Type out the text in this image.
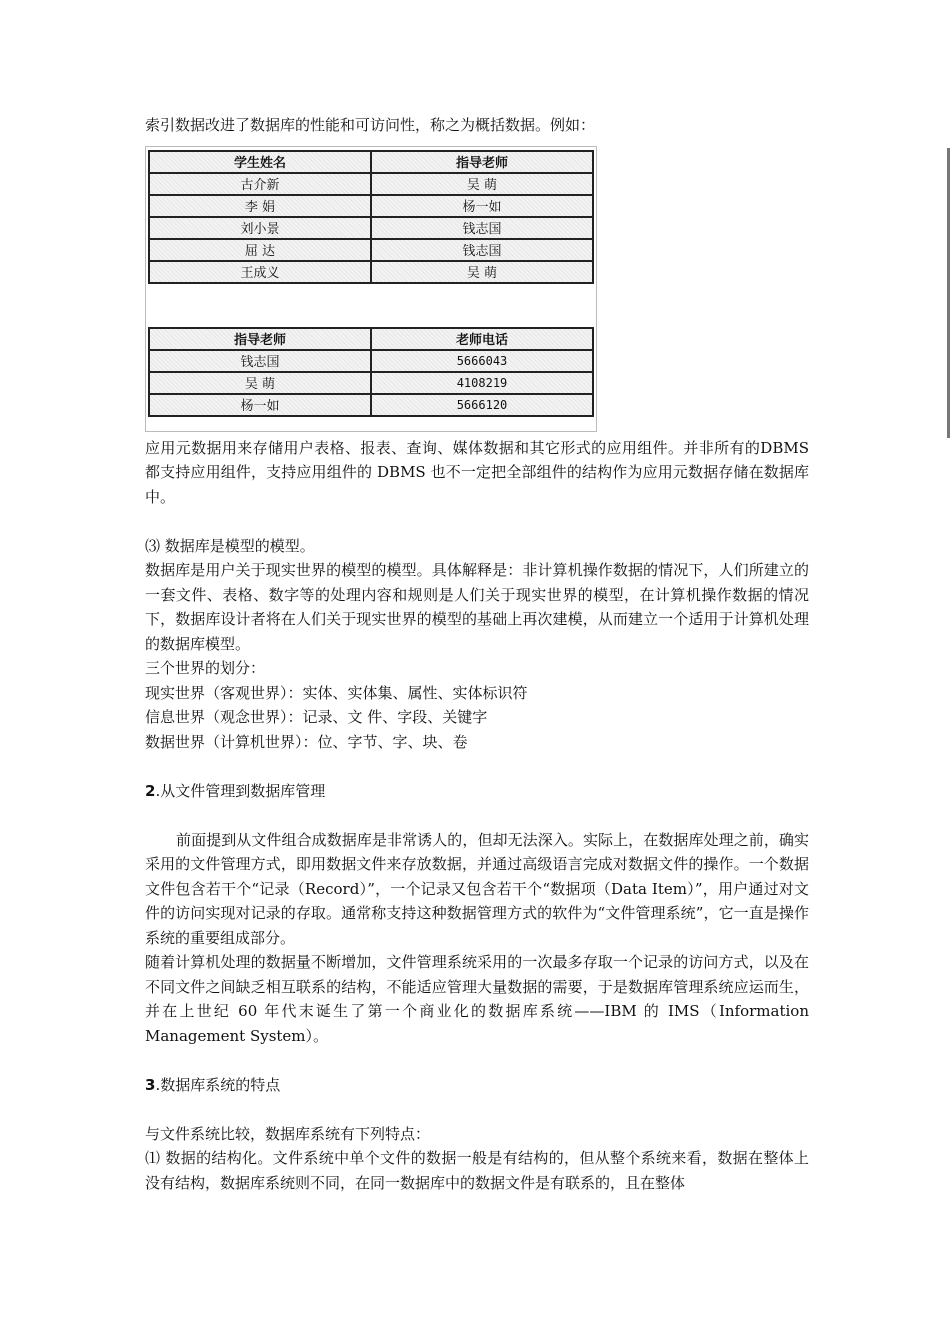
索引数据改进了数据库的性能和可访问性，称之为概括数据。例如：

学生姓名	指导老师
古介新	吴 萌
李 娟	杨一如
刘小景	钱志国
屈 达	钱志国
王成义	吴 萌
指导老师	老师电话
钱志国	5666043
吴 萌	4108219
杨一如	5666120

应用元数据用来存储用户表格、报表、查询、媒体数据和其它形式的应用组件。并非所有的DBMS 都支持应用组件，支持应用组件的 DBMS 也不一定把全部组件的结构作为应用元数据存储在数据库中。

⑶ 数据库是模型的模型。

数据库是用户关于现实世界的模型的模型。具体解释是：非计算机操作数据的情况下，人们所建立的一套文件、表格、数字等的处理内容和规则是人们关于现实世界的模型，在计算机操作数据的情况下，数据库设计者将在人们关于现实世界的模型的基础上再次建模，从而建立一个适用于计算机处理的数据库模型。

三个世界的划分：

现实世界（客观世界）：实体、实体集、属性、实体标识符

信息世界（观念世界）：记录、文 件、字段、关键字

数据世界（计算机世界）：位、字节、字、块、卷

2.从文件管理到数据库管理

前面提到从文件组合成数据库是非常诱人的，但却无法深入。实际上，在数据库处理之前，确实采用的文件管理方式，即用数据文件来存放数据，并通过高级语言完成对数据文件的操作。一个数据文件包含若干个“记录（Record）”，一个记录又包含若干个“数据项（Data Item）”，用户通过对文件的访问实现对记录的存取。通常称支持这种数据管理方式的软件为“文件管理系统”，它一直是操作系统的重要组成部分。

随着计算机处理的数据量不断增加，文件管理系统采用的一次最多存取一个记录的访问方式，以及在不同文件之间缺乏相互联系的结构，不能适应管理大量数据的需要，于是数据库管理系统应运而生，并在上世纪 60 年代末诞生了第一个商业化的数据库系统——IBM 的 IMS（Information Management System）。

3.数据库系统的特点

与文件系统比较，数据库系统有下列特点：

⑴ 数据的结构化。文件系统中单个文件的数据一般是有结构的，但从整个系统来看，数据在整体上没有结构，数据库系统则不同，在同一数据库中的数据文件是有联系的，且在整体
